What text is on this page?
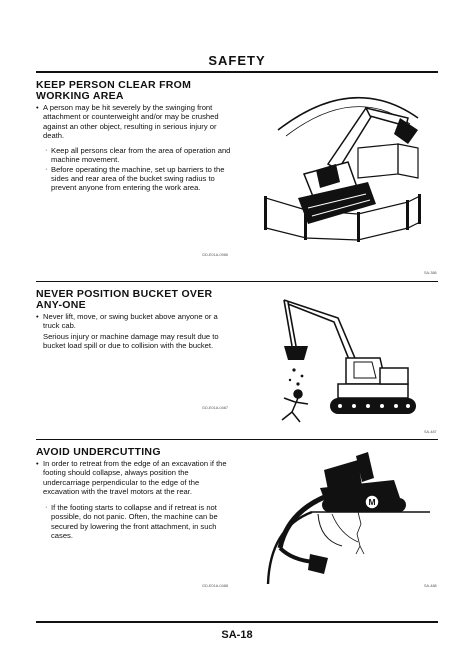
SAFETY
KEEP PERSON CLEAR FROM WORKING AREA
• A person may be hit severely by the swinging front attachment or counterweight and/or may be crushed against an other object, resulting in serious injury or death.
· Keep all persons clear from the area of operation and machine movement.
· Before operating the machine, set up barriers to the sides and rear area of the bucket swing radius to prevent anyone from entering the work area.
GD-E01A-0986
SA-386
NEVER POSITION BUCKET OVER ANY-ONE
• Never lift, move, or swing bucket above anyone or a truck cab.
Serious injury or machine damage may result due to bucket load spill or due to collision with the bucket.
GD-E01A-0487
SA-487
AVOID UNDERCUTTING
• In order to retreat from the edge of an excavation if the footing should collapse, always position the undercarriage perpendicular to the edge of the excavation with the travel motors at the rear.
· If the footing starts to collapse and if retreat is not possible, do not panic. Often, the machine can be secured by lowering the front attachment, in such cases.
GD-E01A-0488	SA-488
M
SA-18
